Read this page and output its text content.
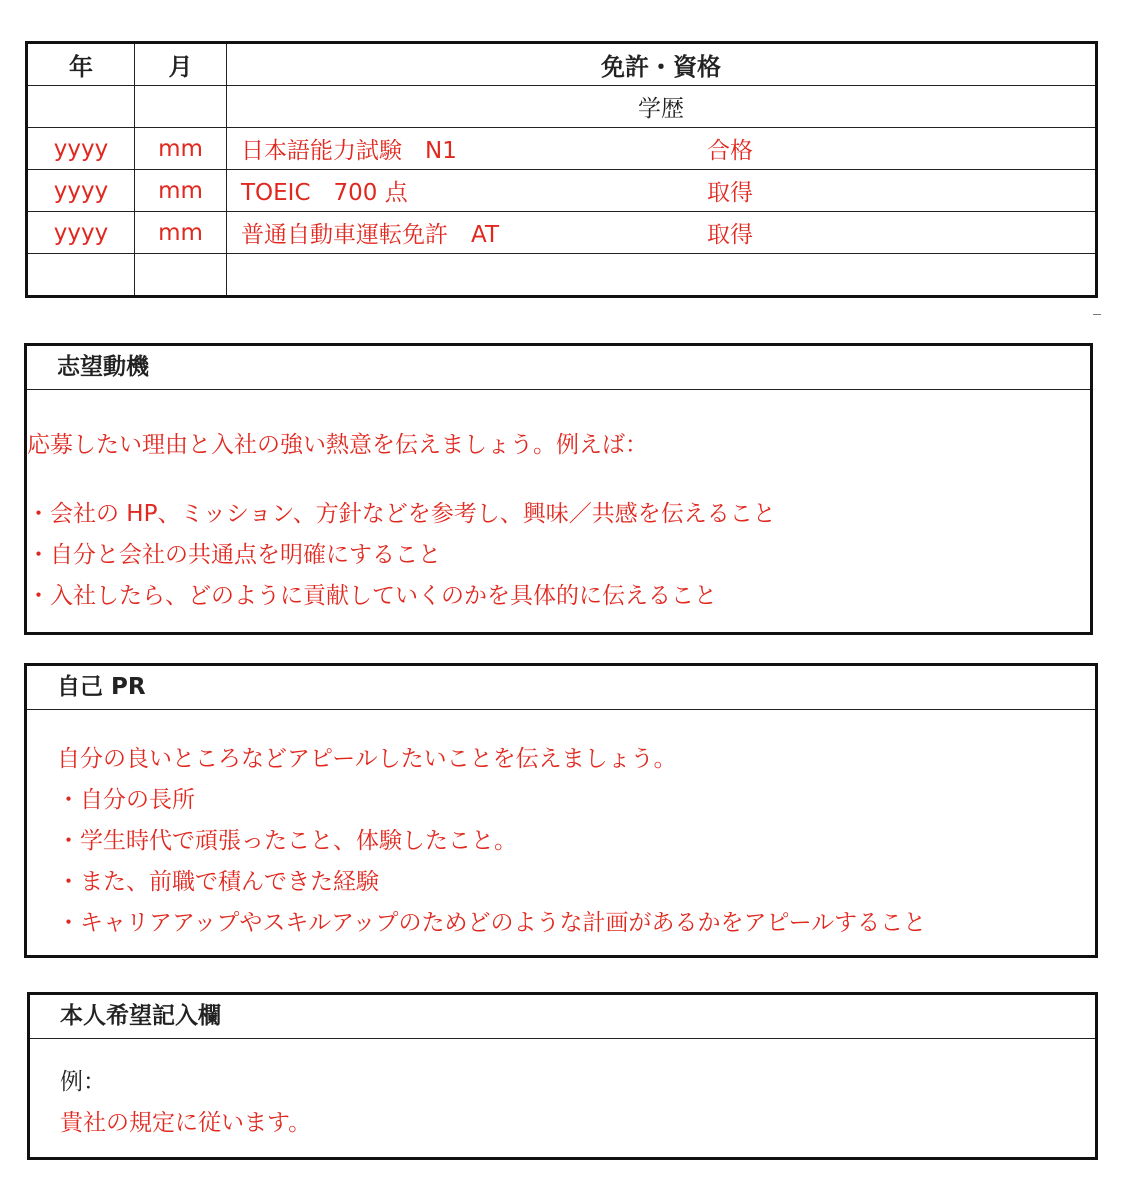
年	月	免許・資格
		学歴
yyyy	mm	日本語能力試験　N1 合格
yyyy	mm	TOEIC　700 点 取得
yyyy	mm	普通自動車運転免許　AT 取得

志望動機
応募したい理由と入社の強い熱意を伝えましょう。例えば：
・会社の HP、ミッション、方針などを参考し、興味／共感を伝えること
・自分と会社の共通点を明確にすること
・入社したら、どのように貢献していくのかを具体的に伝えること
自己 PR
自分の良いところなどアピールしたいことを伝えましょう。
・自分の長所
・学生時代で頑張ったこと、体験したこと。
・また、前職で積んできた経験
・キャリアアップやスキルアップのためどのような計画があるかをアピールすること
本人希望記入欄
例：
貴社の規定に従います。
